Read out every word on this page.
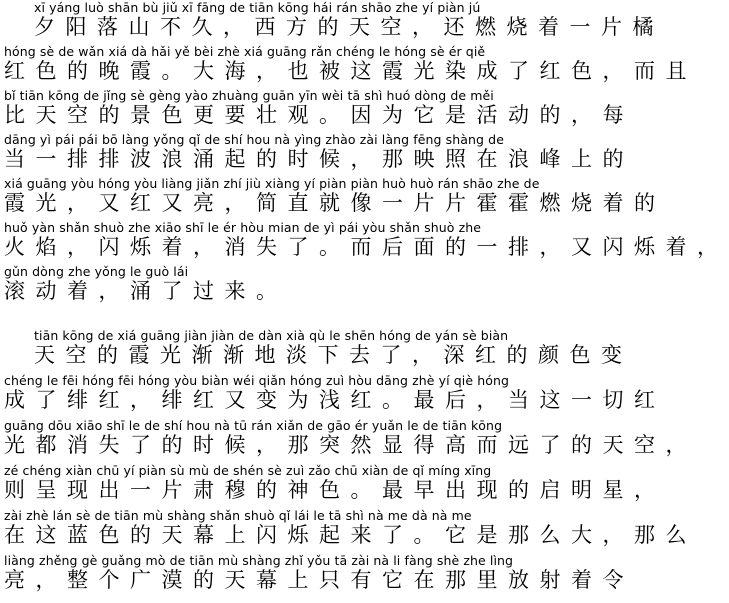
xī yáng luò shān bù jiǔ xī fāng de tiān kōng hái rán shāo zhe yí piàn jú
夕阳落山不久，西方的天空，还燃烧着一片橘
hóng sè de wǎn xiá dà hǎi yě bèi zhè xiá guāng rǎn chéng le hóng sè ér qiě
红色的晚霞。大海，也被这霞光染成了红色，而且
bǐ tiān kōng de jǐng sè gèng yào zhuàng guān yīn wèi tā shì huó dòng de měi
比天空的景色更要壮观。因为它是活动的，每
dāng yì pái pái bō làng yǒng qǐ de shí hou nà yìng zhào zài làng fēng shàng de
当一排排波浪涌起的时候，那映照在浪峰上的
xiá guāng yòu hóng yòu liàng jiǎn zhí jiù xiàng yí piàn piàn huò huò rán shāo zhe de
霞光，又红又亮，简直就像一片片霍霍燃烧着的
huǒ yàn shǎn shuò zhe xiāo shī le ér hòu mian de yì pái yòu shǎn shuò zhe
火焰，闪烁着，消失了。而后面的一排，又闪烁着，
gǔn dòng zhe yǒng le guò lái
滚动着，涌了过来。
tiān kōng de xiá guāng jiàn jiàn de dàn xià qù le shēn hóng de yán sè biàn
天空的霞光渐渐地淡下去了，深红的颜色变
chéng le fēi hóng fēi hóng yòu biàn wéi qiǎn hóng zuì hòu dāng zhè yí qiè hóng
成了绯红，绯红又变为浅红。最后，当这一切红
guāng dōu xiāo shī le de shí hou nà tū rán xiǎn de gāo ér yuǎn le de tiān kōng
光都消失了的时候，那突然显得高而远了的天空，
zé chéng xiàn chū yí piàn sù mù de shén sè zuì zǎo chū xiàn de qǐ míng xīng
则呈现出一片肃穆的神色。最早出现的启明星，
zài zhè lán sè de tiān mù shàng shǎn shuò qǐ lái le tā shì nà me dà nà me
在这蓝色的天幕上闪烁起来了。它是那么大，那么
liàng zhěng gè guǎng mò de tiān mù shàng zhǐ yǒu tā zài nà li fàng shè zhe lìng
亮，整个广漠的天幕上只有它在那里放射着令
